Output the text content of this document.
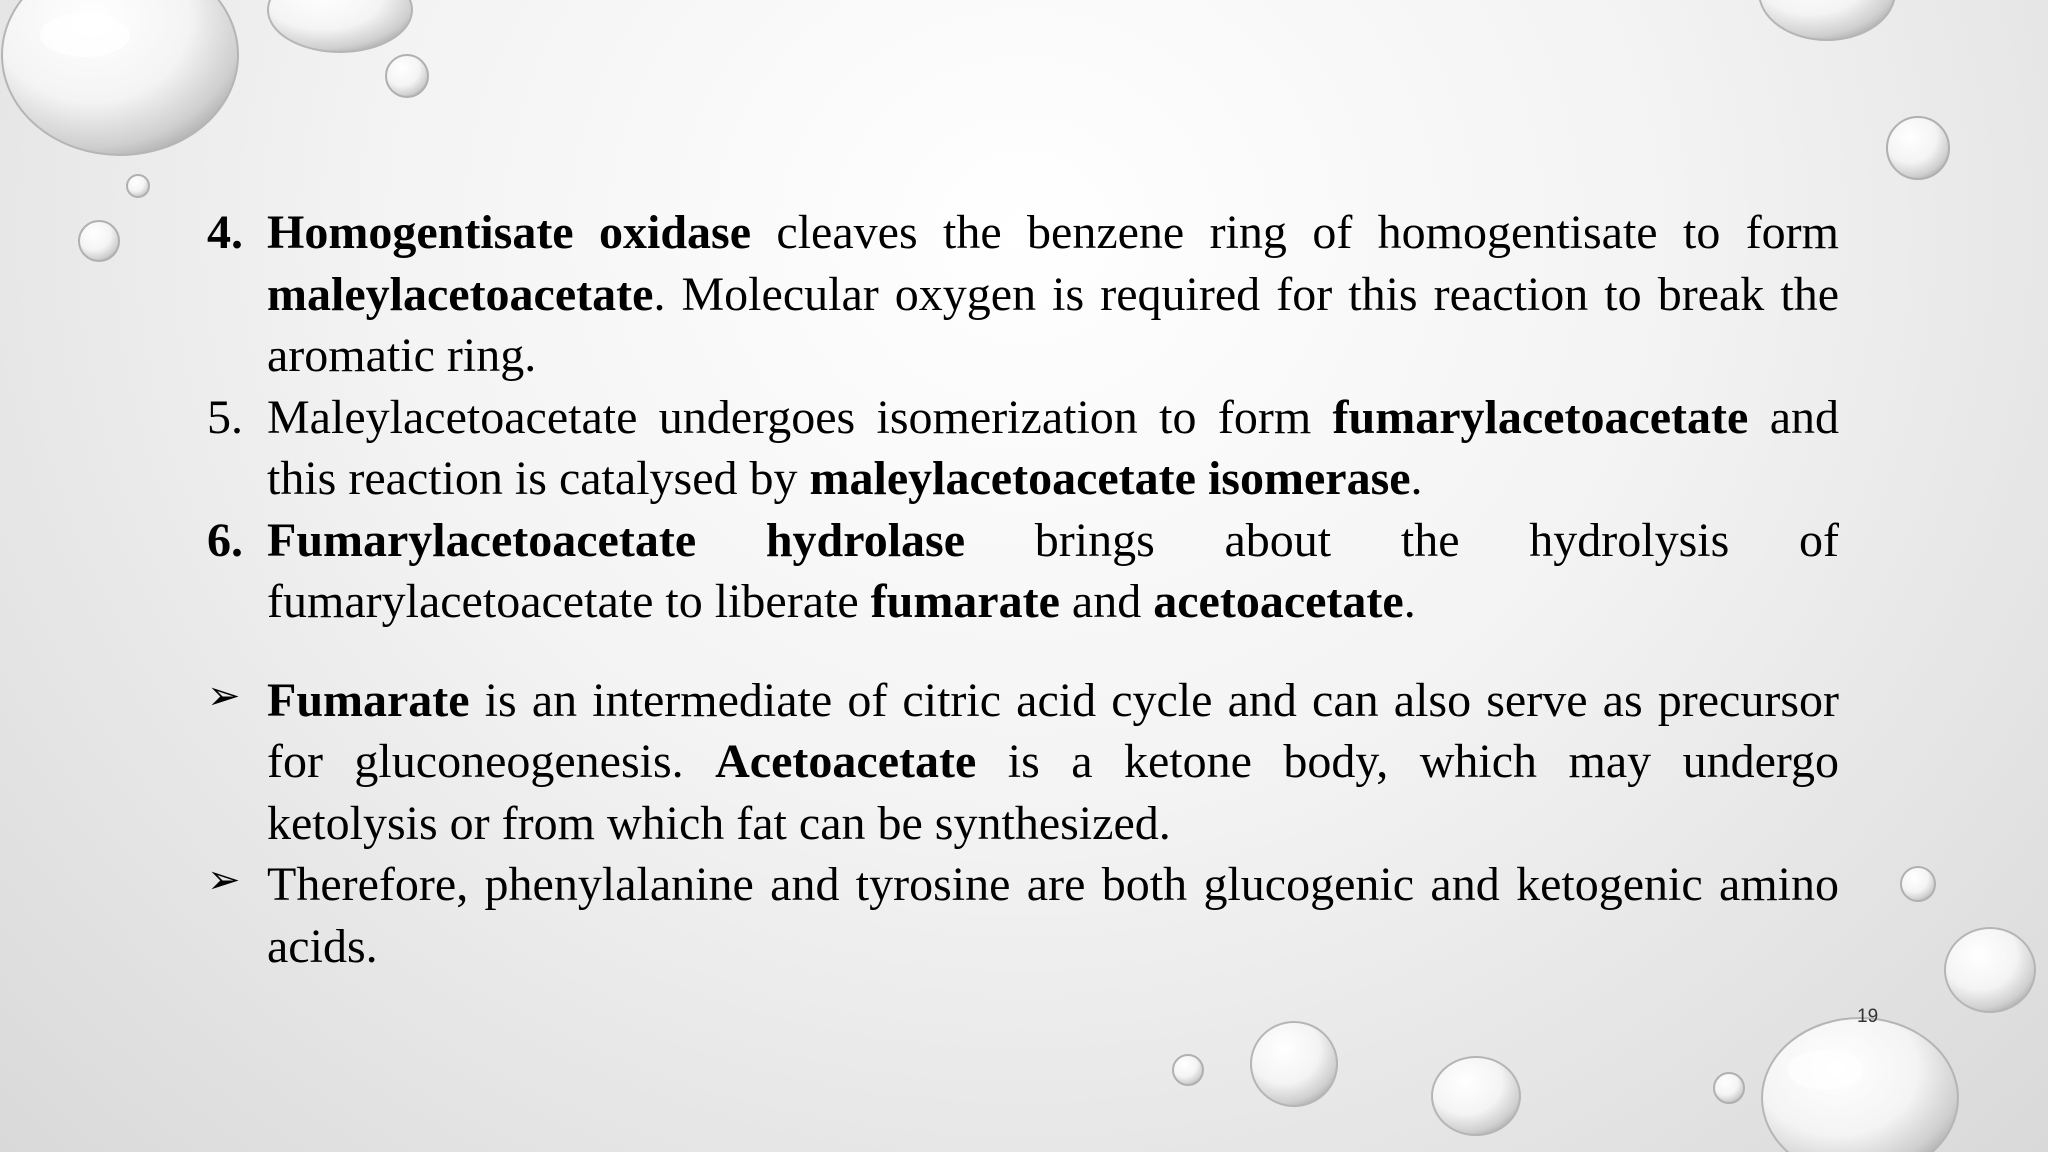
4. Homogentisate oxidase cleaves the benzene ring of homogentisate to form maleylacetoacetate. Molecular oxygen is required for this reaction to break the aromatic ring.
5. Maleylacetoacetate undergoes isomerization to form fumarylacetoacetate and this reaction is catalysed by maleylacetoacetate isomerase.
6. Fumarylacetoacetate hydrolase brings about the hydrolysis of fumarylacetoacetate to liberate fumarate and acetoacetate.
➢ Fumarate is an intermediate of citric acid cycle and can also serve as precursor for gluconeogenesis. Acetoacetate is a ketone body, which may undergo ketolysis or from which fat can be synthesized.
➢ Therefore, phenylalanine and tyrosine are both glucogenic and ketogenic amino acids.
19
